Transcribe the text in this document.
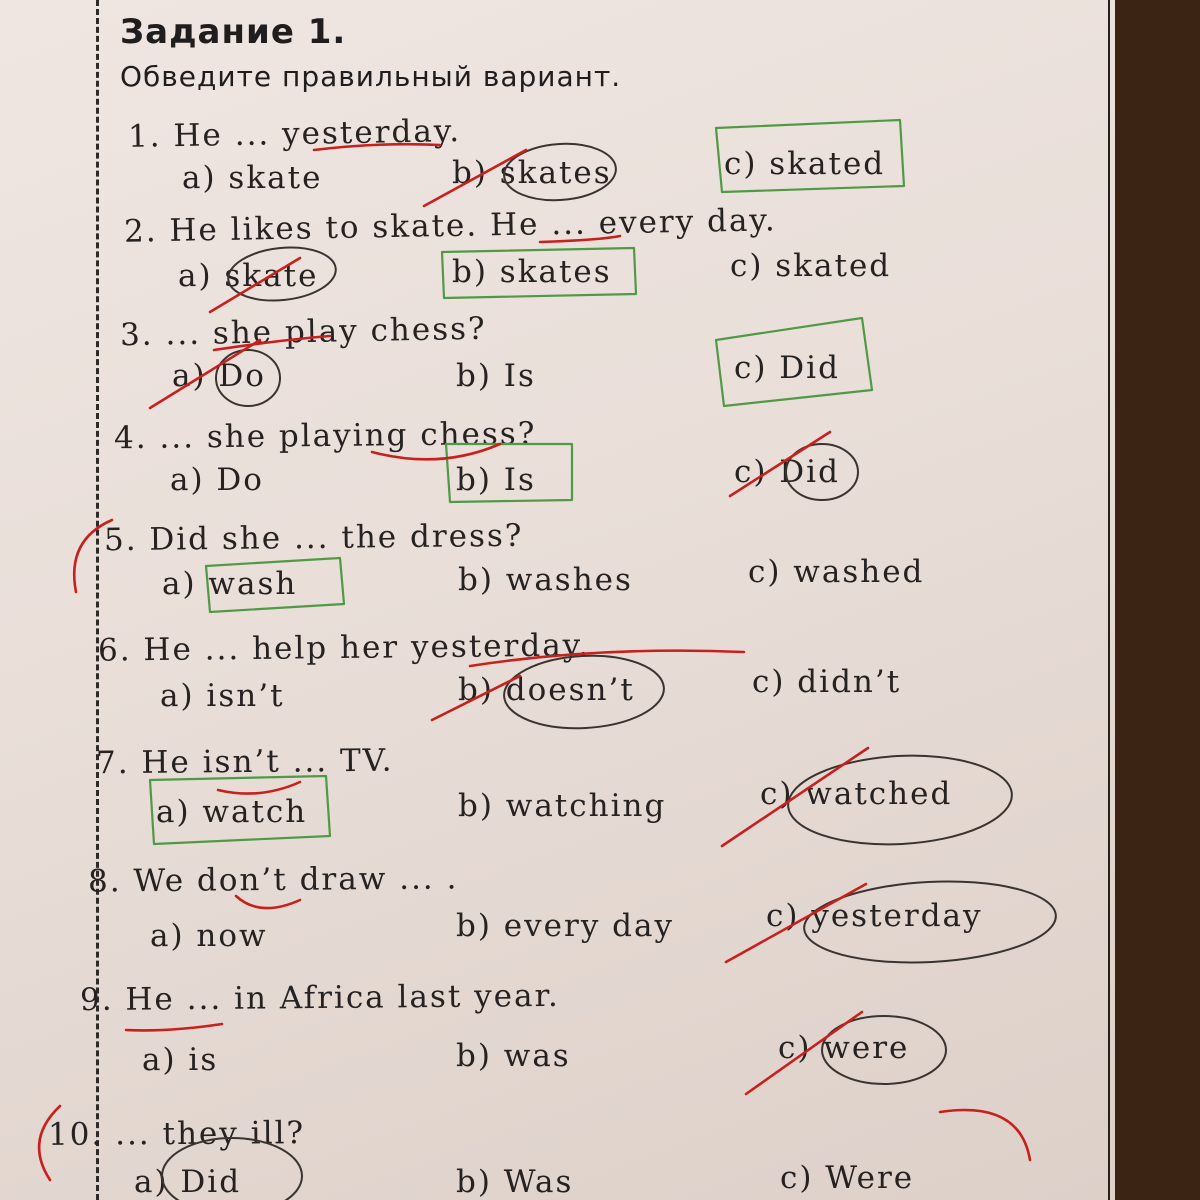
Задание 1.
Обведите правильный вариант.
1. He ... yesterday.
a) skate	b) skates	c) skated
2. He likes to skate. He ... every day.
a) skate	b) skates	c) skated
3. ... she play chess?
a) Do	b) Is	c) Did
4. ... she playing chess?
a) Do	b) Is	c) Did
5. Did she ... the dress?
a) wash	b) washes	c) washed
6. He ... help her yesterday.
a) isn’t	b) doesn’t	c) didn’t
7. He isn’t ... TV.
a) watch	b) watching	c) watched
8. We don’t draw ... .
a) now	b) every day	c) yesterday
9. He ... in Africa last year.
a) is	b) was	c) were
10. ... they ill?
a) Did	b) Was	c) Were
